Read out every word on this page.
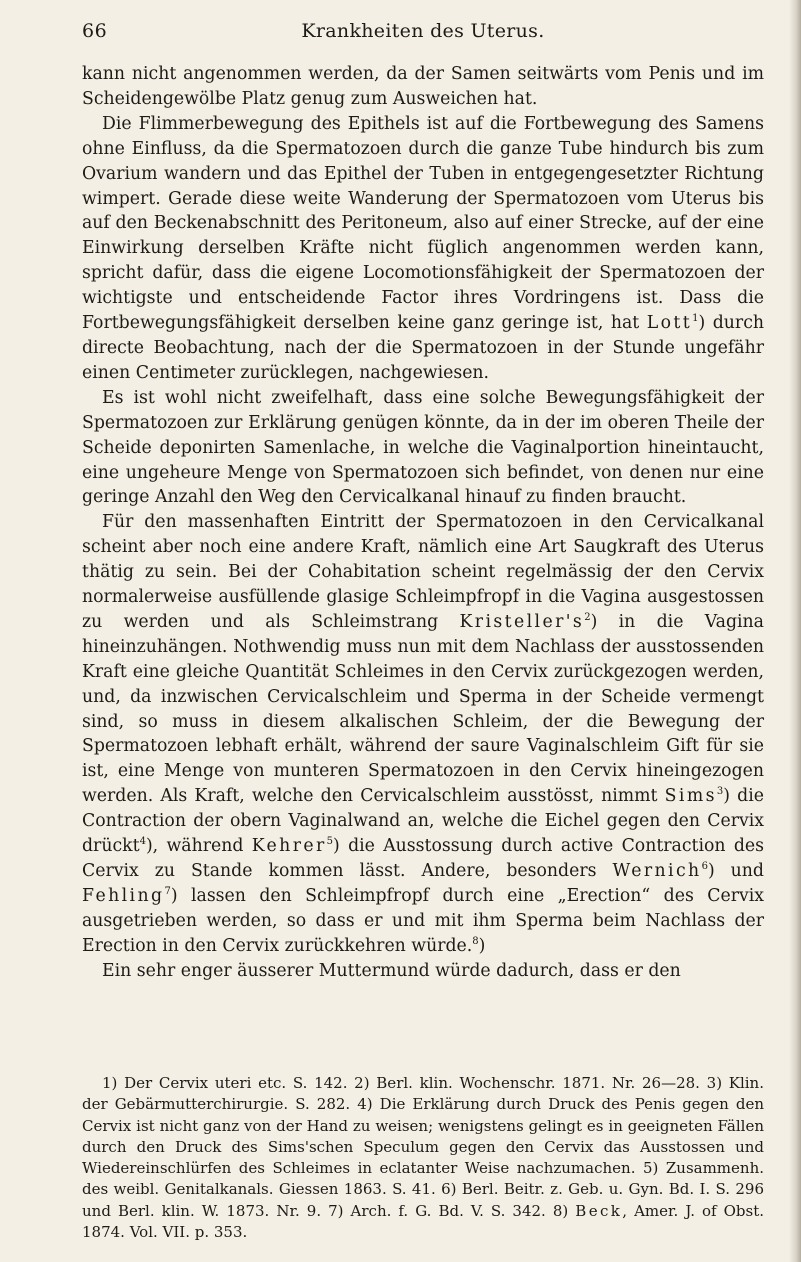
66	Krankheiten des Uterus.

kann nicht angenommen werden, da der Samen seitwärts vom Penis und im Scheidengewölbe Platz genug zum Ausweichen hat.

Die Flimmerbewegung des Epithels ist auf die Fortbewegung des Samens ohne Einfluss, da die Spermatozoen durch die ganze Tube hindurch bis zum Ovarium wandern und das Epithel der Tuben in entgegengesetzter Richtung wimpert. Gerade diese weite Wanderung der Spermatozoen vom Uterus bis auf den Beckenabschnitt des Peritoneum, also auf einer Strecke, auf der eine Einwirkung derselben Kräfte nicht füglich angenommen werden kann, spricht dafür, dass die eigene Locomotionsfähigkeit der Spermatozoen der wichtigste und entscheidende Factor ihres Vordringens ist. Dass die Fortbewegungsfähigkeit derselben keine ganz geringe ist, hat Lott$^1$) durch directe Beobachtung, nach der die Spermatozoen in der Stunde ungefähr einen Centimeter zurücklegen, nachgewiesen.

Es ist wohl nicht zweifelhaft, dass eine solche Bewegungsfähigkeit der Spermatozoen zur Erklärung genügen könnte, da in der im oberen Theile der Scheide deponirten Samenlache, in welche die Vaginalportion hineintaucht, eine ungeheure Menge von Spermatozoen sich befindet, von denen nur eine geringe Anzahl den Weg den Cervicalkanal hinauf zu finden braucht.

Für den massenhaften Eintritt der Spermatozoen in den Cervicalkanal scheint aber noch eine andere Kraft, nämlich eine Art Saugkraft des Uterus thätig zu sein. Bei der Cohabitation scheint regelmässig der den Cervix normalerweise ausfüllende glasige Schleimpfropf in die Vagina ausgestossen zu werden und als Schleimstrang $Kristeller's^2$) in die Vagina hineinzuhängen. Nothwendig muss nun mit dem Nachlass der ausstossenden Kraft eine gleiche Quantität Schleimes in den Cervix zurückgezogen werden, und, da inzwischen Cervicalschleim und Sperma in der Scheide vermengt sind, so muss in diesem alkalischen Schleim, der die Bewegung der Spermatozoen lebhaft erhält, während der saure Vaginalschleim Gift für sie ist, eine Menge von munteren Spermatozoen in den Cervix hineingezogen werden. Als Kraft, welche den Cervicalschleim ausstösst, nimmt Sims$^3$) die Contraction der obern Vaginalwand an, welche die Eichel gegen den Cervix drückt$^4$), während Kehrer$^5$) die Ausstossung durch active Contraction des Cervix zu Stande kommen lässt. Andere, besonders Wernich$^6$) und Fehling$^7$) lassen den Schleimpfropf durch eine „Erection“ des Cervix ausgetrieben werden, so dass er und mit ihm Sperma beim Nachlass der Erection in den Cervix zurückkehren würde.$^8$)

Ein sehr enger äusserer Muttermund würde dadurch, dass er den

1) Der Cervix uteri etc. S. 142. 2) Berl. klin. Wochenschr. 1871. Nr. 26—28. 3) Klin. der Gebärmutterchirurgie. S. 282. 4) Die Erklärung durch Druck des Penis gegen den Cervix ist nicht ganz von der Hand zu weisen; wenigstens gelingt es in geeigneten Fällen durch den Druck des Sims'schen Speculum gegen den Cervix das Ausstossen und Wiedereinschlürfen des Schleimes in eclatanter Weise nachzumachen. 5) Zusammenh. des weibl. Genitalkanals. Giessen 1863. S. 41. 6) Berl. Beitr. z. Geb. u. Gyn. Bd. I. S. 296 und Berl. klin. W. 1873. Nr. 9. 7) Arch. f. G. Bd. V. S. 342. 8) Beck, Amer. J. of Obst. 1874. Vol. VII. p. 353.
